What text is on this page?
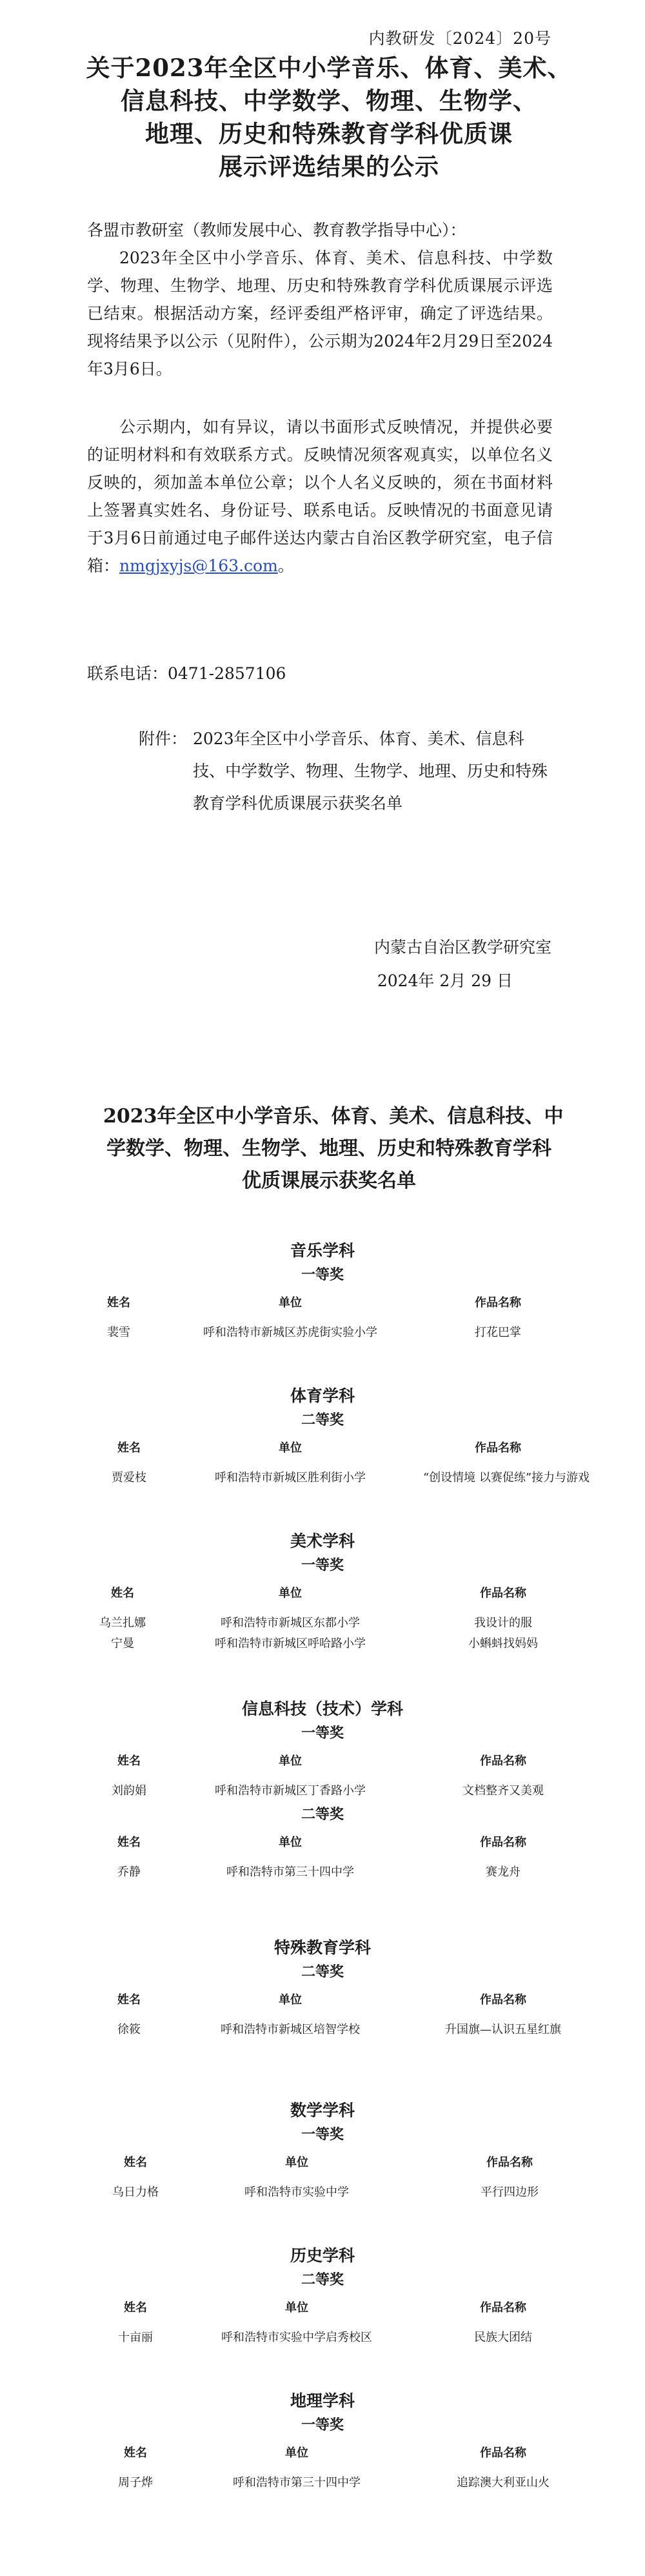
内教研发〔2024〕20号
关于2023年全区中小学音乐、体育、美术、
信息科技、中学数学、物理、生物学、
地理、历史和特殊教育学科优质课
展示评选结果的公示
各盟市教研室（教师发展中心、教育教学指导中心）：
2023年全区中小学音乐、体育、美术、信息科技、中学数学、物理、生物学、地理、历史和特殊教育学科优质课展示评选已结束。根据活动方案，经评委组严格评审，确定了评选结果。现将结果予以公示（见附件），公示期为2024年2月29日至2024年3月6日。
公示期内，如有异议，请以书面形式反映情况，并提供必要的证明材料和有效联系方式。反映情况须客观真实，以单位名义反映的，须加盖本单位公章；以个人名义反映的，须在书面材料上签署真实姓名、身份证号、联系电话。反映情况的书面意见请于3月6日前通过电子邮件送达内蒙古自治区教学研究室，电子信箱：nmgjxyjs@163.com。
联系电话：0471-2857106
附件： 2023年全区中小学音乐、体育、美术、信息科技、中学数学、物理、生物学、地理、历史和特殊教育学科优质课展示获奖名单
内蒙古自治区教学研究室
2024年 2月 29 日
2023年全区中小学音乐、体育、美术、信息科技、中
学数学、物理、生物学、地理、历史和特殊教育学科
优质课展示获奖名单
音乐学科
一等奖
姓名	单位	作品名称
裴雪	呼和浩特市新城区苏虎街实验小学	打花巴掌
体育学科
二等奖
姓名	单位	作品名称
贾爱枝	呼和浩特市新城区胜利街小学	“创设情境 以赛促练”接力与游戏
美术学科
一等奖
姓名	单位	作品名称
乌兰扎娜	呼和浩特市新城区东都小学	我设计的服
宁曼	呼和浩特市新城区呼哈路小学	小蝌蚪找妈妈
信息科技（技术）学科
一等奖
姓名	单位	作品名称
刘韵娟	呼和浩特市新城区丁香路小学	文档整齐又美观
二等奖
姓名	单位	作品名称
乔静	呼和浩特市第三十四中学	赛龙舟
特殊教育学科
二等奖
姓名	单位	作品名称
徐筱	呼和浩特市新城区培智学校	升国旗—认识五星红旗
数学学科
一等奖
姓名	单位	作品名称
乌日力格	呼和浩特市实验中学	平行四边形
历史学科
二等奖
姓名	单位	作品名称
十亩丽	呼和浩特市实验中学启秀校区	民族大团结
地理学科
一等奖
姓名	单位	作品名称
周子烨	呼和浩特市第三十四中学	追踪澳大利亚山火
